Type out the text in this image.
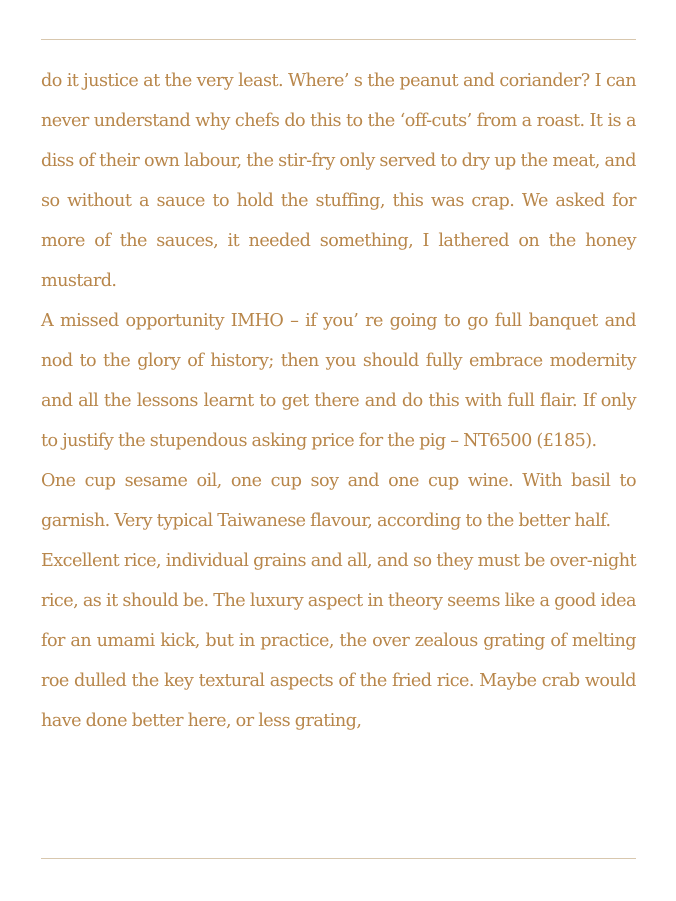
do it justice at the very least. Where’ s the peanut and coriander? I can never understand why chefs do this to the ‘off-cuts’ from a roast. It is a diss of their own labour, the stir-fry only served to dry up the meat, and so without a sauce to hold the stuffing, this was crap. We asked for more of the sauces, it needed something, I lathered on the honey mustard.

A missed opportunity IMHO – if you’ re going to go full banquet and nod to the glory of history; then you should fully embrace modernity and all the lessons learnt to get there and do this with full flair. If only to justify the stupendous asking price for the pig – NT6500 (£185).

One cup sesame oil, one cup soy and one cup wine. With basil to garnish. Very typical Taiwanese flavour, according to the better half.

Excellent rice, individual grains and all, and so they must be over-night rice, as it should be. The luxury aspect in theory seems like a good idea for an umami kick, but in practice, the over zealous grating of melting roe dulled the key textural aspects of the fried rice. Maybe crab would have done better here, or less grating,
